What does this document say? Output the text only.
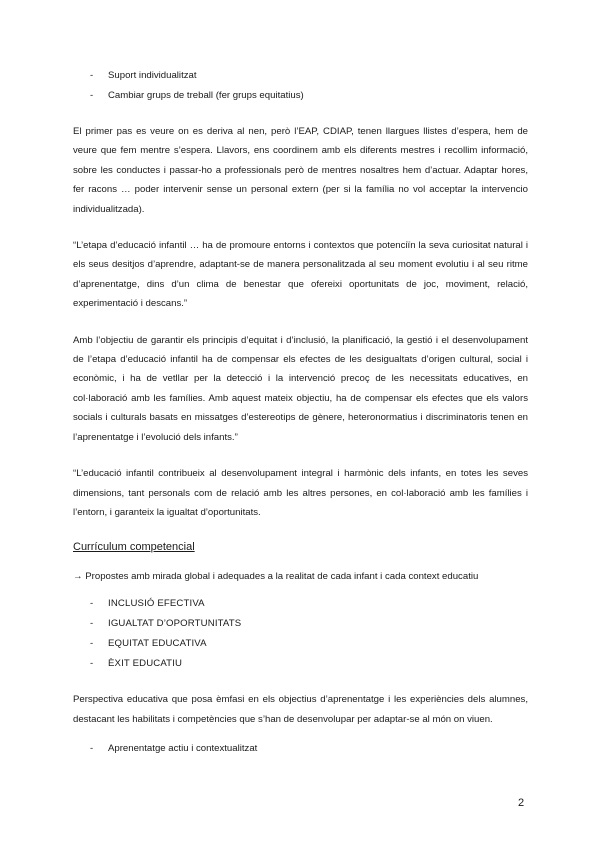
-	Suport individualitzat
-	Cambiar grups de treball (fer grups equitatius)

El primer pas es veure on es deriva al nen, però l’EAP, CDIAP, tenen llargues llistes d’espera, hem de veure que fem mentre s’espera. Llavors, ens coordinem amb els diferents mestres i recollim informació, sobre les conductes i passar-ho a professionals però de mentres nosaltres hem d’actuar. Adaptar hores, fer racons … poder intervenir sense un personal extern (per si la família no vol acceptar la intervencio individualitzada).

“L’etapa d’educació infantil … ha de promoure entorns i contextos que potenciïn la seva curiositat natural i els seus desitjos d’aprendre, adaptant-se de manera personalitzada al seu moment evolutiu i al seu ritme d’aprenentatge, dins d’un clima de benestar que ofereixi oportunitats de joc, moviment, relació, experimentació i descans.”

Amb l’objectiu de garantir els principis d’equitat i d’inclusió, la planificació, la gestió i el desenvolupament de l’etapa d’educació infantil ha de compensar els efectes de les desigualtats d’origen cultural, social i econòmic, i ha de vetllar per la detecció i la intervenció precoç de les necessitats educatives, en col·laboració amb les famílies. Amb aquest mateix objectiu, ha de compensar els efectes que els valors socials i culturals basats en missatges d’estereotips de gènere, heteronormatius i discriminatoris tenen en l’aprenentatge i l’evolució dels infants.”

“L’educació infantil contribueix al desenvolupament integral i harmònic dels infants, en totes les seves dimensions, tant personals com de relació amb les altres persones, en col·laboració amb les famílies i l’entorn, i garanteix la igualtat d’oportunitats.

Currículum competencial
→ Propostes amb mirada global i adequades a la realitat de cada infant i cada context educatiu
-	INCLUSIÓ EFECTIVA
-	IGUALTAT D’OPORTUNITATS
-	EQUITAT EDUCATIVA
-	ÈXIT EDUCATIU

Perspectiva educativa que posa èmfasi en els objectius d’aprenentatge i les experiències dels alumnes, destacant les habilitats i competències que s’han de desenvolupar per adaptar-se al món on viuen.

-	Aprenentatge actiu i contextualitzat
2
